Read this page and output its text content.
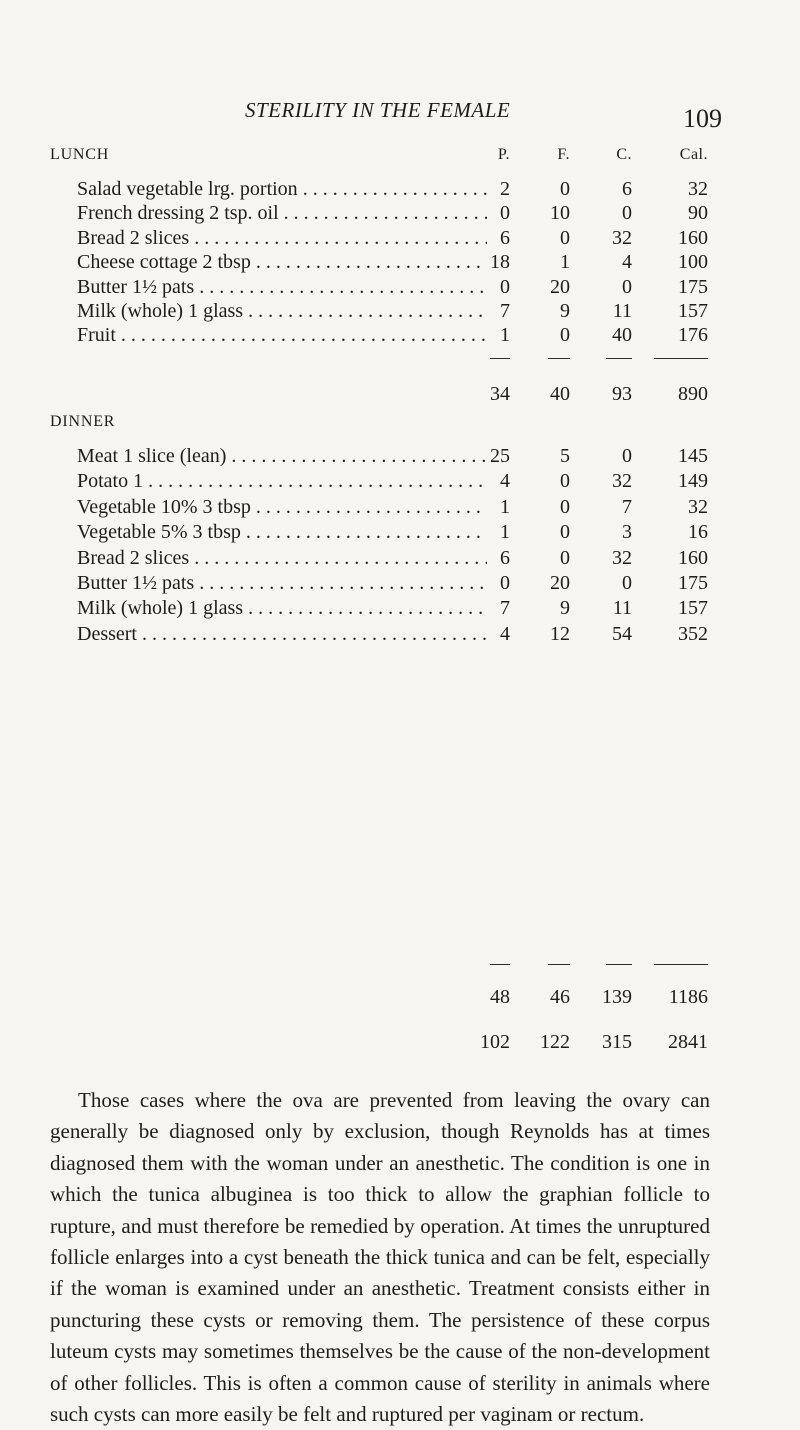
STERILITY IN THE FEMALE	109
LUNCH	P.	F.	C.	Cal.
Salad vegetable lrg. portion . . .	2	0	6	32
French dressing 2 tsp. oil . . .	0	10	0	90
Bread 2 slices . . .	6	0	32	160
Cheese cottage 2 tbsp . . .	18	1	4	100
Butter 1½ pats . . .	0	20	0	175
Milk (whole) 1 glass . . .	7	9	11	157
Fruit . . .	1	0	40	176
34	40	93	890
DINNER
Meat 1 slice (lean) . . .	25	5	0	145
Potato 1 . . .	4	0	32	149
Vegetable 10% 3 tbsp . . .	1	0	7	32
Vegetable 5% 3 tbsp . . .	1	0	3	16
Bread 2 slices . . .	6	0	32	160
Butter 1½ pats . . .	0	20	0	175
Milk (whole) 1 glass . . .	7	9	11	157
Dessert . . .	4	12	54	352
48	46	139	1186
102	122	315	2841
Those cases where the ova are prevented from leaving the ovary can generally be diagnosed only by exclusion, though Reynolds has at times diagnosed them with the woman under an anesthetic. The condition is one in which the tunica albuginea is too thick to allow the graphian follicle to rupture, and must therefore be remedied by operation. At times the unruptured follicle enlarges into a cyst beneath the thick tunica and can be felt, especially if the woman is examined under an anesthetic. Treatment consists either in puncturing these cysts or removing them. The persistence of these corpus luteum cysts may sometimes themselves be the cause of the non-development of other follicles. This is often a common cause of sterility in animals where such cysts can more easily be felt and ruptured per vaginam or rectum.
